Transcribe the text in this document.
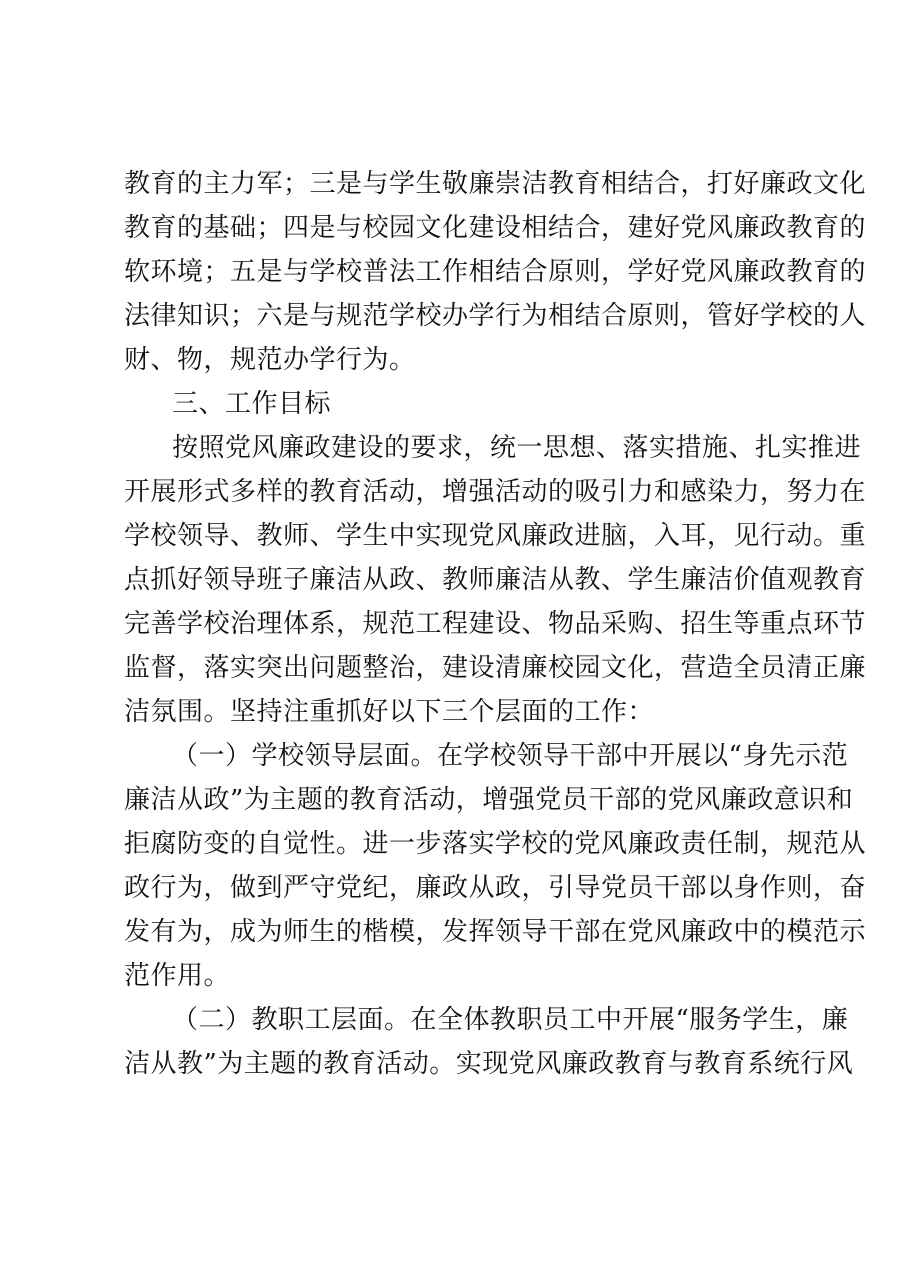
教育的主力军；三是与学生敬廉崇洁教育相结合，打好廉政文化
教育的基础；四是与校园文化建设相结合，建好党风廉政教育的
软环境；五是与学校普法工作相结合原则，学好党风廉政教育的
法律知识；六是与规范学校办学行为相结合原则，管好学校的人
财、物，规范办学行为。
三、工作目标
按照党风廉政建设的要求，统一思想、落实措施、扎实推进
开展形式多样的教育活动，增强活动的吸引力和感染力，努力在
学校领导、教师、学生中实现党风廉政进脑，入耳，见行动。重
点抓好领导班子廉洁从政、教师廉洁从教、学生廉洁价值观教育
完善学校治理体系，规范工程建设、物品采购、招生等重点环节
监督，落实突出问题整治，建设清廉校园文化，营造全员清正廉
洁氛围。坚持注重抓好以下三个层面的工作：
（一）学校领导层面。在学校领导干部中开展以“身先示范
廉洁从政”为主题的教育活动，增强党员干部的党风廉政意识和
拒腐防变的自觉性。进一步落实学校的党风廉政责任制，规范从
政行为，做到严守党纪，廉政从政，引导党员干部以身作则，奋
发有为，成为师生的楷模，发挥领导干部在党风廉政中的模范示
范作用。
（二）教职工层面。在全体教职员工中开展“服务学生，廉
洁从教”为主题的教育活动。实现党风廉政教育与教育系统行风
